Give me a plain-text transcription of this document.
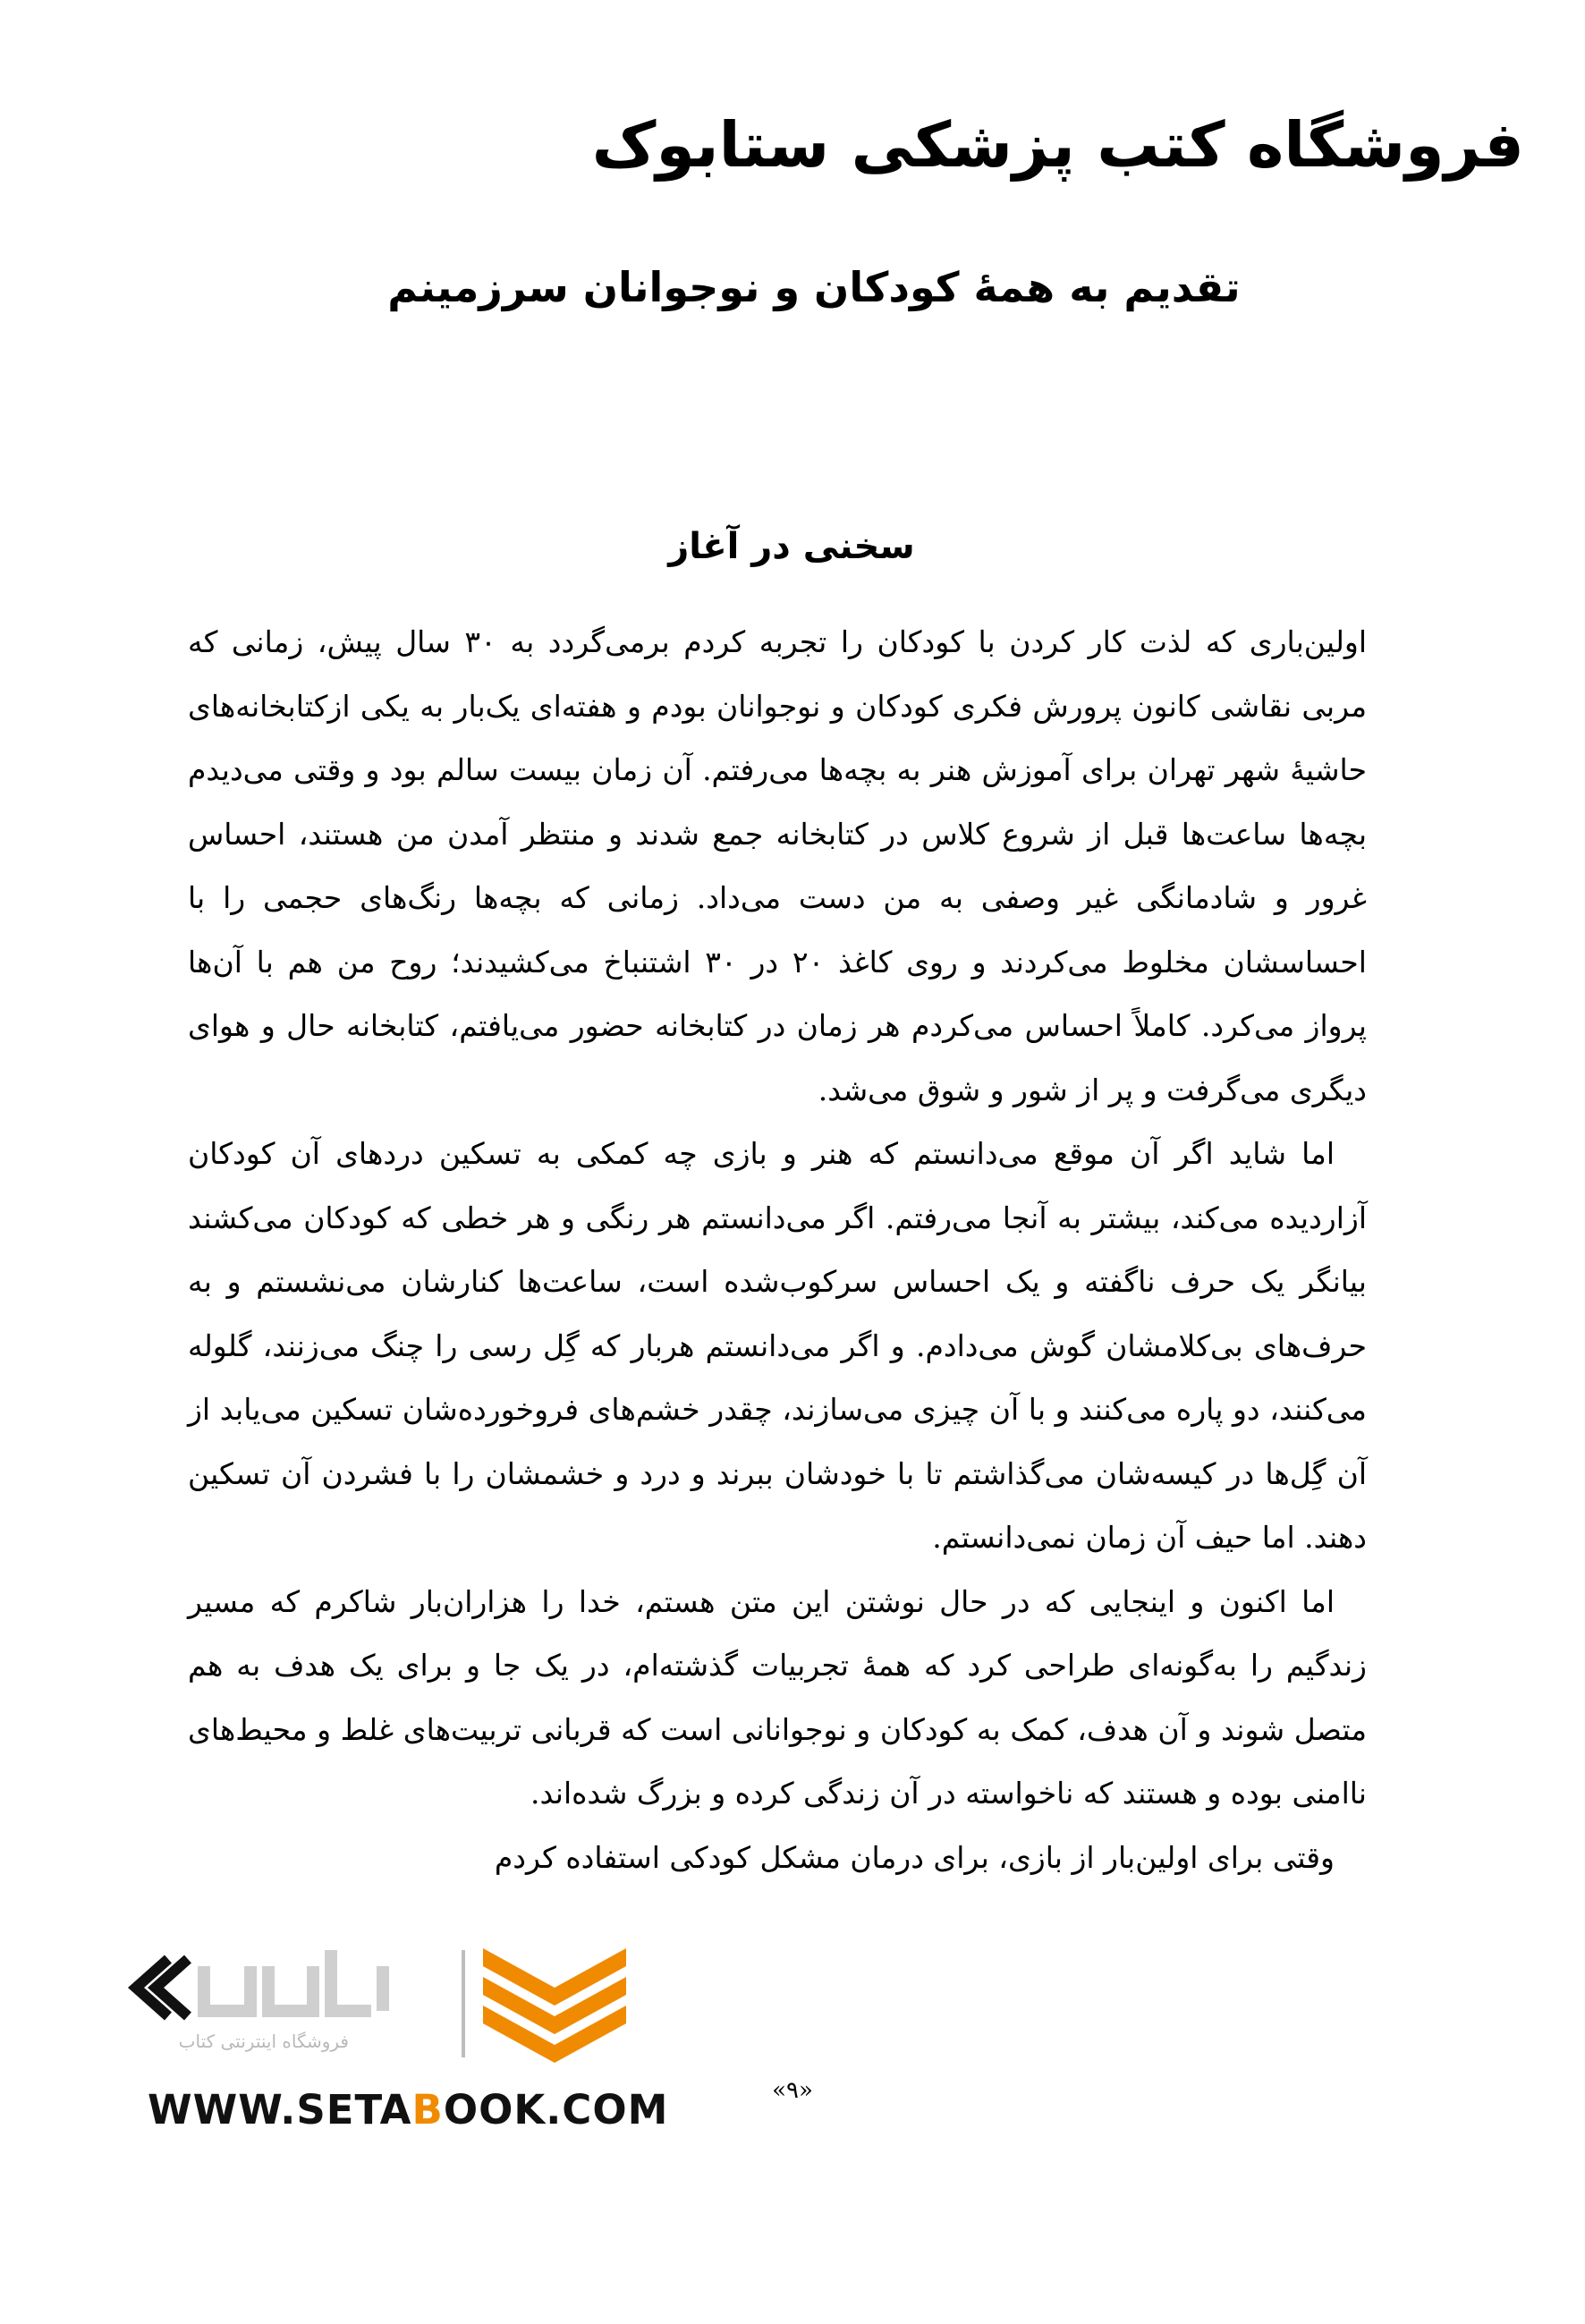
فروشگاه کتب پزشکی ستابوک
تقدیم به همهٔ کودکان و نوجوانان سرزمینم
سخنی در آغاز

اولین‌باری که لذت کار کردن با کودکان را تجربه کردم برمی‌گردد به ۳۰ سال پیش، زمانی که مربی نقاشی کانون پرورش فکری کودکان و نوجوانان بودم و هفته‌ای یک‌بار به یکی ازکتابخانه‌های حاشیهٔ شهر تهران برای آموزش هنر به بچه‌ها می‌رفتم. آن زمان بیست سالم بود و وقتی می‌دیدم بچه‌ها ساعت‌ها قبل از شروع کلاس در کتابخانه جمع شدند و منتظر آمدن من هستند، احساس غرور و شادمانگی غیر وصفی به من دست می‌داد. زمانی که بچه‌ها رنگ‌های حجمی را با احساسشان مخلوط می‌کردند و روی کاغذ ۲۰ در ۳۰ اشتنباخ می‌کشیدند؛ روح من هم با آن‌ها پرواز می‌کرد. کاملاً احساس می‌کردم هر زمان در کتابخانه حضور می‌یافتم، کتابخانه حال و هوای دیگری می‌گرفت و پر از شور و شوق می‌شد.

اما شاید اگر آن موقع می‌دانستم که هنر و بازی چه کمکی به تسکین دردهای آن کودکان آزاردیده می‌کند، بیشتر به آنجا می‌رفتم. اگر می‌دانستم هر رنگی و هر خطی که کودکان می‌کشند بیانگر یک حرف ناگفته و یک احساس سرکوب‌شده است، ساعت‌ها کنارشان می‌نشستم و به حرف‌های بی‌کلامشان گوش می‌دادم. و اگر می‌دانستم هربار که گِل رسی را چنگ می‌زنند، گلوله می‌کنند، دو پاره می‌کنند و با آن چیزی می‌سازند، چقدر خشم‌های فروخورده‌شان تسکین می‌یابد از آن گِل‌ها در کیسه‌شان می‌گذاشتم تا با خودشان ببرند و درد و خشمشان را با فشردن آن تسکین دهند. اما حیف آن زمان نمی‌دانستم.

اما اکنون و اینجایی که در حال نوشتن این متن هستم، خدا را هزاران‌بار شاکرم که مسیر زندگیم را به‌گونه‌ای طراحی کرد که همهٔ تجربیات گذشته‌ام، در یک جا و برای یک هدف به هم متصل شوند و آن هدف، کمک به کودکان و نوجوانانی است که قربانی تربیت‌های غلط و محیط‌های ناامنی بوده و هستند که ناخواسته در آن زندگی کرده و بزرگ شده‌اند.

وقتی برای اولین‌بار از بازی، برای درمان مشکل کودکی استفاده کردم

«۹»
فروشگاه اینترنتی کتاب
WWW.SETABOOK.COM
